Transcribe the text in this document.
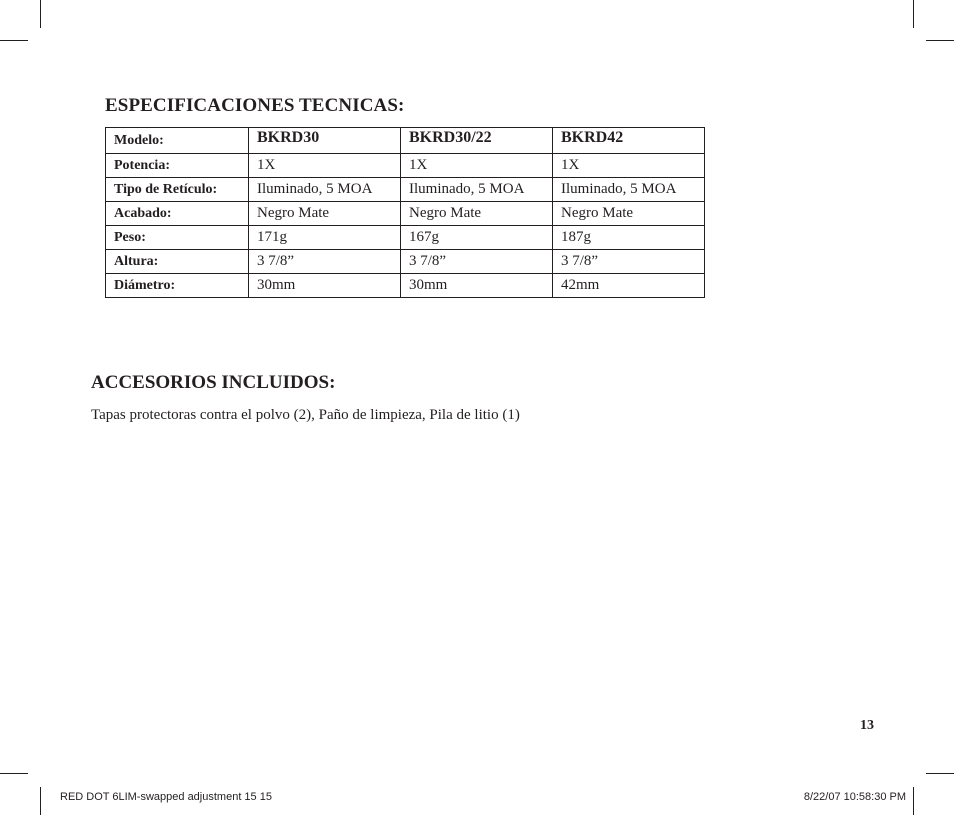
ESPECIFICACIONES TECNICAS:
Modelo:	BKRD30	BKRD30/22	BKRD42
Potencia:	1X	1X	1X
Tipo de Retículo:	Iluminado, 5 MOA	Iluminado, 5 MOA	Iluminado, 5 MOA
Acabado:	Negro Mate	Negro Mate	Negro Mate
Peso:	171g	167g	187g
Altura:	3 7/8”	3 7/8”	3 7/8”
Diámetro:	30mm	30mm	42mm
ACCESORIOS INCLUIDOS:
Tapas protectoras contra el polvo (2), Paño de limpieza, Pila de litio (1)
13
RED DOT 6LIM-swapped adjustment 15 15	8/22/07 10:58:30 PM
